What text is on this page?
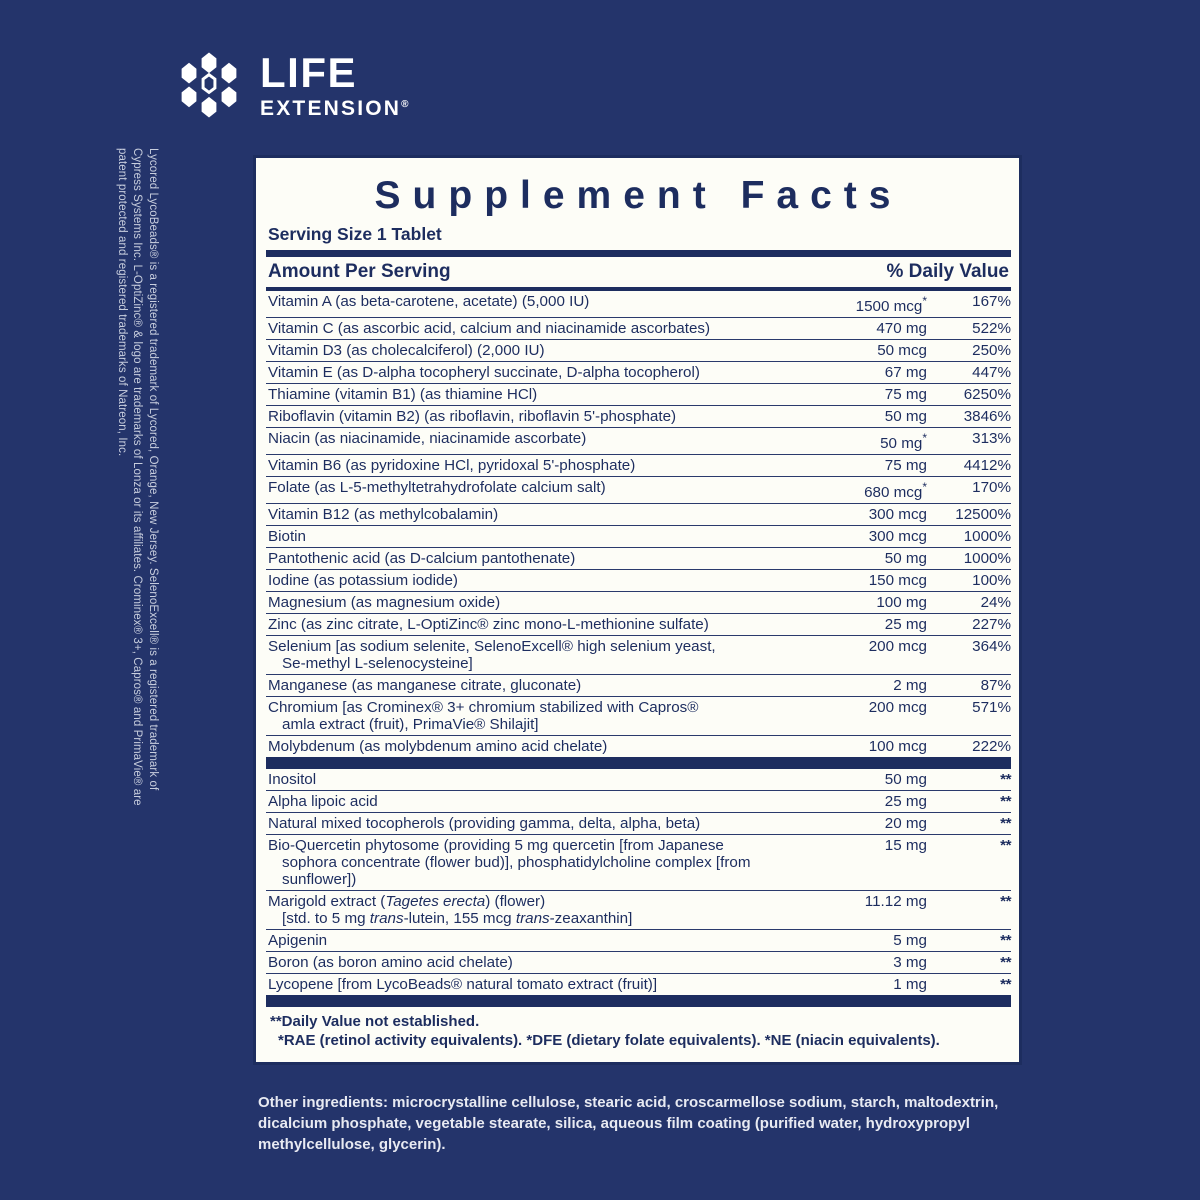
LIFE
EXTENSION®
Lycored LycoBeads® is a registered trademark of Lycored, Orange, New Jersey. SelenoExcell® is a registered trademark of
Cypress Systems Inc. L-OptiZinc® & logo are trademarks of Lonza or its affiliates. Crominex® 3+, Capros® and PrimaVie® are
patent protected and registered trademarks of Natreon, Inc.	Supplement Facts
Serving Size 1 Tablet
Amount Per Serving	% Daily Value
Vitamin A (as beta-carotene, acetate) (5,000 IU)	1500 mcg*	167%
Vitamin C (as ascorbic acid, calcium and niacinamide ascorbates)	470 mg	522%
Vitamin D3 (as cholecalciferol) (2,000 IU)	50 mcg	250%
Vitamin E (as D-alpha tocopheryl succinate, D-alpha tocopherol)	67 mg	447%
Thiamine (vitamin B1) (as thiamine HCl)	75 mg	6250%
Riboflavin (vitamin B2) (as riboflavin, riboflavin 5'-phosphate)	50 mg	3846%
Niacin (as niacinamide, niacinamide ascorbate)	50 mg*	313%
Vitamin B6 (as pyridoxine HCl, pyridoxal 5'-phosphate)	75 mg	4412%
Folate (as L-5-methyltetrahydrofolate calcium salt)	680 mcg*	170%
Vitamin B12 (as methylcobalamin)	300 mcg	12500%
Biotin	300 mcg	1000%
Pantothenic acid (as D-calcium pantothenate)	50 mg	1000%
Iodine (as potassium iodide)	150 mcg	100%
Magnesium (as magnesium oxide)	100 mg	24%
Zinc (as zinc citrate, L-OptiZinc® zinc mono-L-methionine sulfate)	25 mg	227%
Selenium [as sodium selenite, SelenoExcell® high selenium yeast,
Se-methyl L-selenocysteine]	200 mcg	364%
Manganese (as manganese citrate, gluconate)	2 mg	87%
Chromium [as Crominex® 3+ chromium stabilized with Capros®
amla extract (fruit), PrimaVie® Shilajit]	200 mcg	571%
Molybdenum (as molybdenum amino acid chelate)	100 mcg	222%
Inositol	50 mg	**
Alpha lipoic acid	25 mg	**
Natural mixed tocopherols (providing gamma, delta, alpha, beta)	20 mg	**
Bio-Quercetin phytosome (providing 5 mg quercetin [from Japanese
sophora concentrate (flower bud)], phosphatidylcholine complex [from sunflower])	15 mg	**
Marigold extract (Tagetes erecta) (flower)
[std. to 5 mg trans-lutein, 155 mcg trans-zeaxanthin]	11.12 mg	**
Apigenin	5 mg	**
Boron (as boron amino acid chelate)	3 mg	**
Lycopene [from LycoBeads® natural tomato extract (fruit)]	1 mg	**
**Daily Value not established.
*RAE (retinol activity equivalents). *DFE (dietary folate equivalents). *NE (niacin equivalents).
Other ingredients: microcrystalline cellulose, stearic acid, croscarmellose sodium, starch, maltodextrin, dicalcium phosphate, vegetable stearate, silica, aqueous film coating (purified water, hydroxypropyl methylcellulose, glycerin).
